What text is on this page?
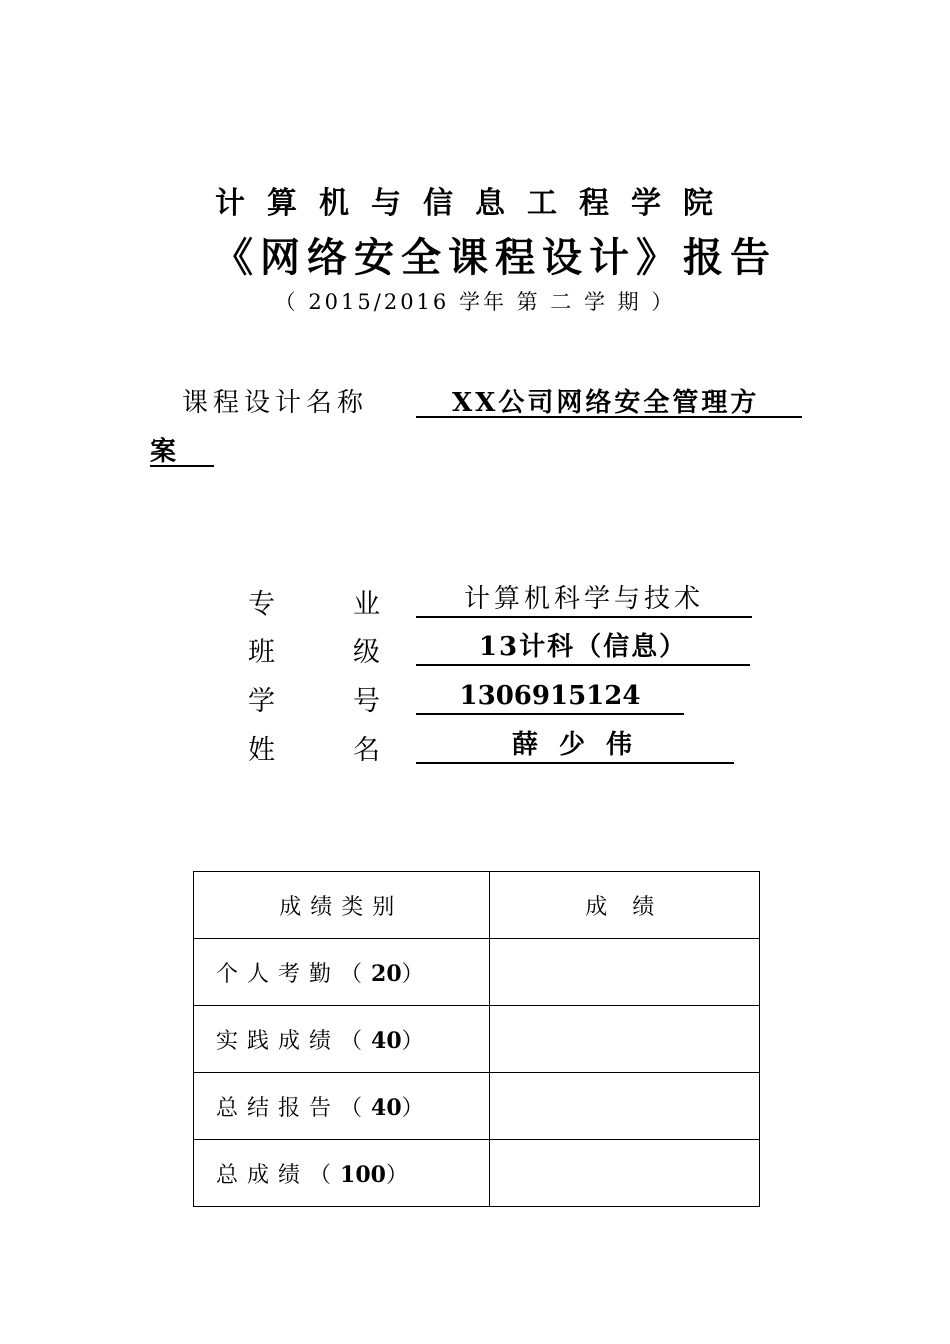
计算机与信息工程学院
《网络安全课程设计》报告
（ 2015/2016 学年 第 二 学 期 ）
课程设计名称	XX公司网络安全管理方
案
专	业	计算机科学与技术
班	级	13计科（信息）
学	号	1306915124
姓	名	薛 少 伟
成绩类别	成 绩
个人考勤（20）	
实践成绩（40）	
总结报告（40）	
总成绩（100）	
